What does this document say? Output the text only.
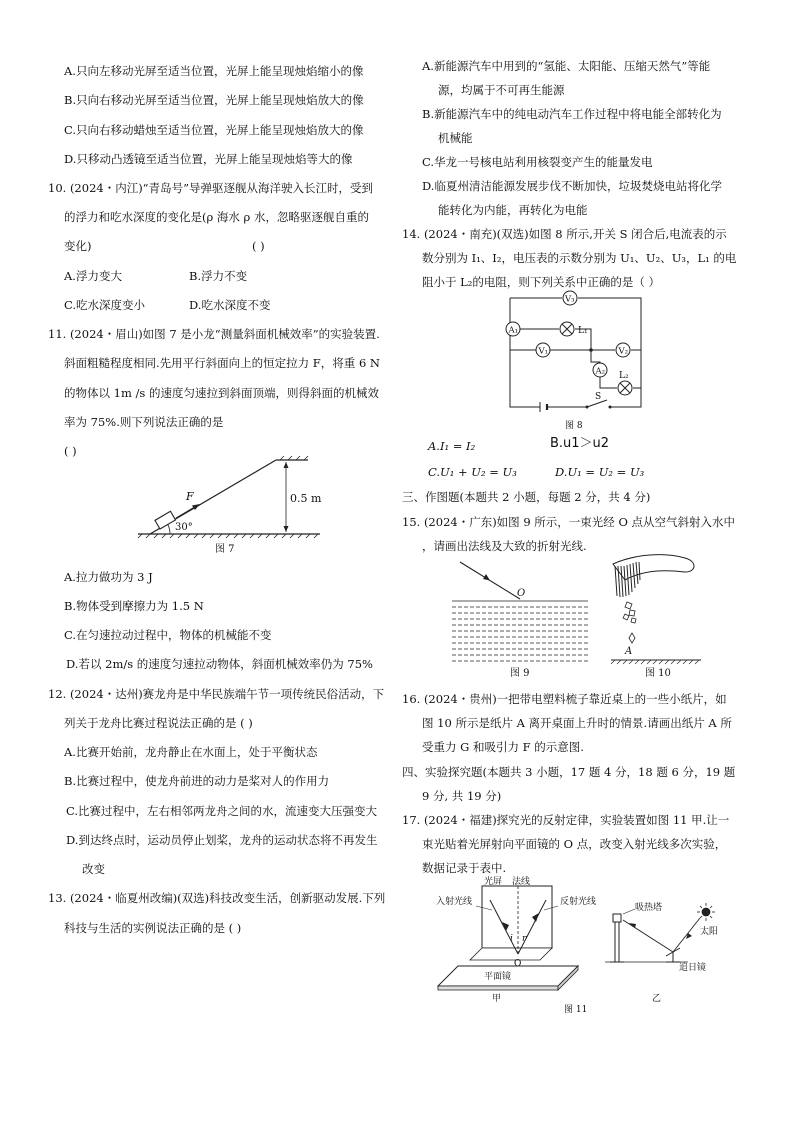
A.只向左移动光屏至适当位置，光屏上能呈现烛焰缩小的像
B.只向右移动光屏至适当位置，光屏上能呈现烛焰放大的像
C.只向右移动蜡烛至适当位置，光屏上能呈现烛焰放大的像
D.只移动凸透镜至适当位置，光屏上能呈现烛焰等大的像
10. (2024・内江)“青岛号”导弹驱逐舰从海洋驶入长江时，受到
的浮力和吃水深度的变化是(ρ 海水 ρ 水，忽略驱逐舰自重的
变化)	( )
A.浮力变大	B.浮力不变
C.吃水深度变小	D.吃水深度不变
11. (2024・眉山)如图 7 是小龙“测量斜面机械效率”的实验装置.
斜面粗糙程度相同.先用平行斜面向上的恒定拉力 F，将重 6 N
的物体以 1m /s 的速度匀速拉到斜面顶端，则得斜面的机械效
率为 75%.则下列说法正确的是
( )
0.5 m
F
30°
图 7
A.拉力做功为 3 J
B.物体受到摩擦力为 1.5 N
C.在匀速拉动过程中，物体的机械能不变
D.若以 2m/s 的速度匀速拉动物体，斜面机械效率仍为 75%
12. (2024・达州)赛龙舟是中华民族端午节一项传统民俗活动，下
列关于龙舟比赛过程说法正确的是 ( )
A.比赛开始前，龙舟静止在水面上，处于平衡状态
B.比赛过程中，使龙舟前进的动力是桨对人的作用力
C.比赛过程中，左右相邻两龙舟之间的水，流速变大压强变大
D.到达终点时，运动员停止划桨，龙舟的运动状态将不再发生
改变
13. (2024・临夏州改编)(双选)科技改变生活，创新驱动发展.下列
科技与生活的实例说法正确的是 ( )
A.新能源汽车中用到的“氢能、太阳能、压缩天然气”等能
源，均属于不可再生能源
B.新能源汽车中的纯电动汽车工作过程中将电能全部转化为
机械能
C.华龙一号核电站利用核裂变产生的能量发电
D.临夏州清洁能源发展步伐不断加快，垃圾焚烧电站将化学
能转化为内能，再转化为电能
14. (2024・南充)(双选)如图 8 所示,开关 S 闭合后,电流表的示
数分别为 I₁、I₂，电压表的示数分别为 U₁、U₂、U₃，L₁ 的电
阻小于 L₂的电阻，则下列关系中正确的是（ ）
V₃
A₁	L₁
V₁	V₂
A₂ L₂
S
图 8
A.I₁ = I₂	B.u1＞u2
C.U₁ + U₂ = U₃	D.U₁ = U₂ = U₃
三、作图题(本题共 2 小题，每题 2 分，共 4 分)
15. (2024・广东)如图 9 所示，一束光经 O 点从空气斜射入水中
，请画出法线及大致的折射光线.
O
图 9
A
图 10
16. (2024・贵州)一把带电塑料梳子靠近桌上的一些小纸片，如
图 10 所示是纸片 A 离开桌面上升时的情景.请画出纸片 A 所
受重力 G 和吸引力 F 的示意图.
四、实验探究题(本题共 3 小题，17 题 4 分，18 题 6 分，19 题
9 分, 共 19 分)
17. (2024・福建)探究光的反射定律，实验装置如图 11 甲.让一
束光贴着光屏射向平面镜的 O 点，改变入射光线多次实验，
数据记录于表中.
i r
O
光屏 法线
入射光线	反射光线
平面镜
甲
吸热塔
太阳
追日镜
乙
图 11
